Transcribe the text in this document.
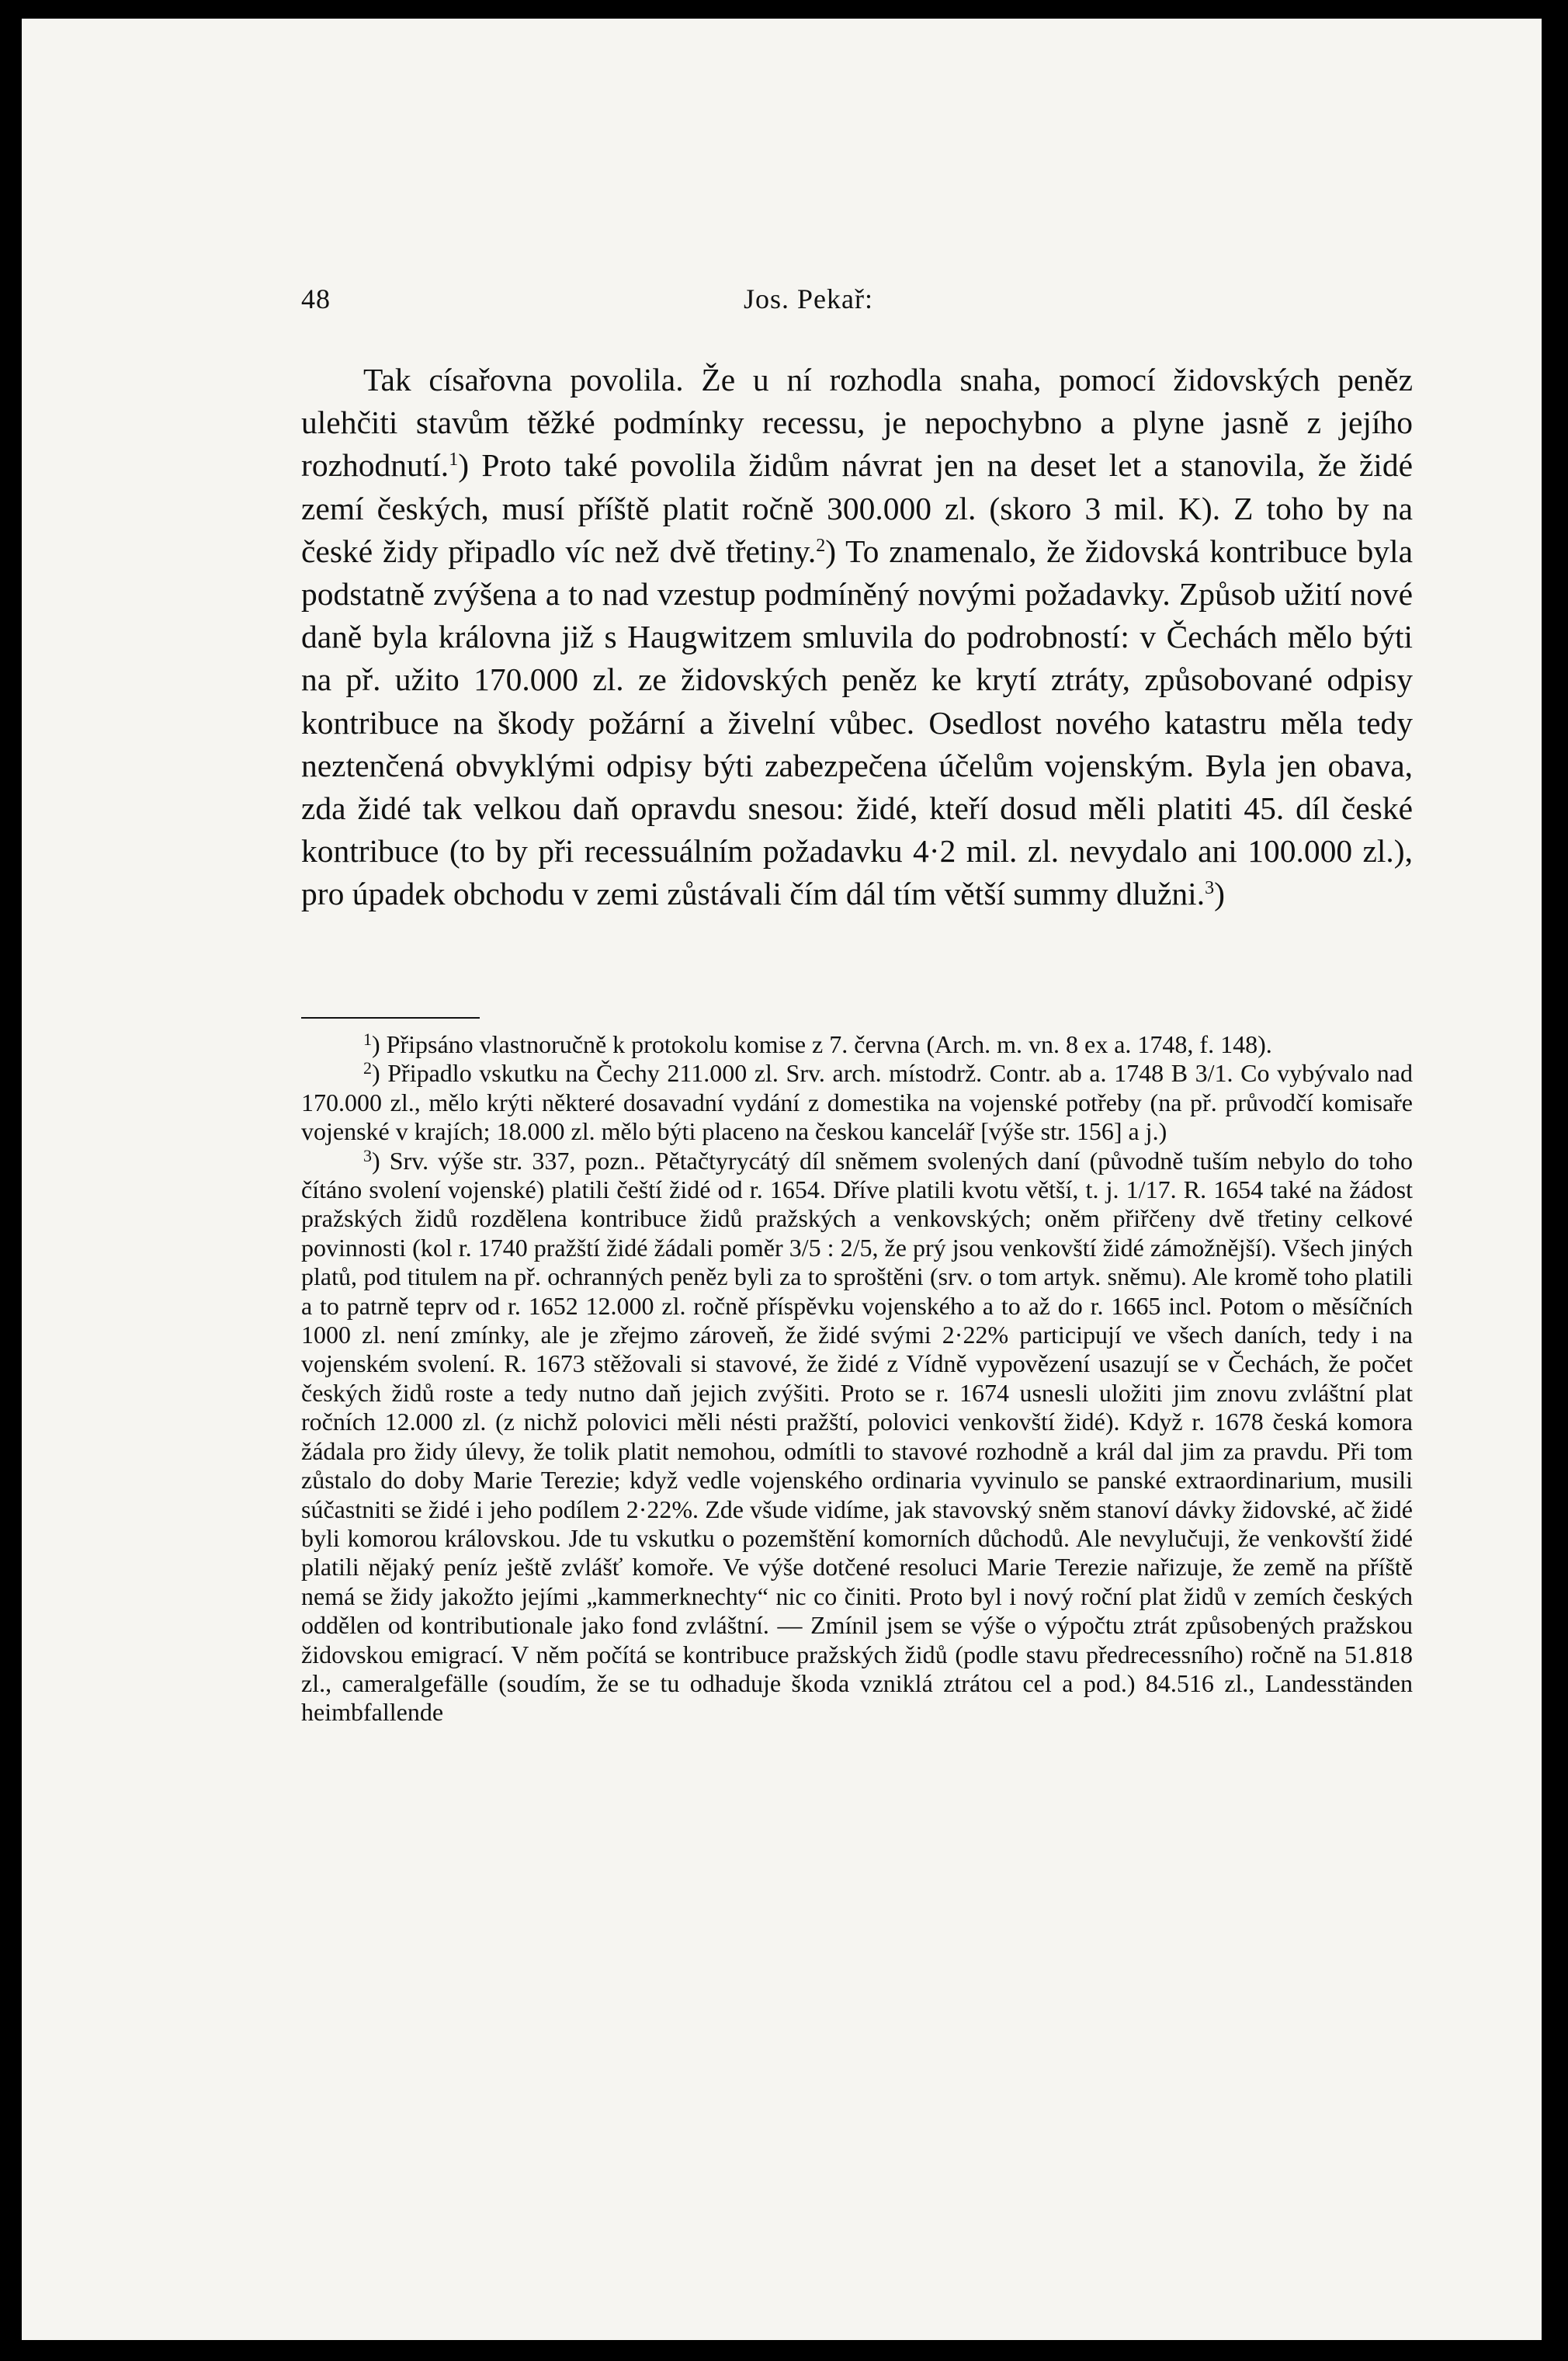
48	Jos. Pekař:

Tak císařovna povolila. Že u ní rozhodla snaha, pomocí židovských peněz ulehčiti stavům těžké podmínky recessu, je nepochybno a plyne jasně z jejího rozhodnutí.$^1$) Proto také povolila židům návrat jen na deset let a stanovila, že židé zemí českých, musí příště platit ročně 300.000 zl. (skoro 3 mil. K). Z toho by na české židy připadlo víc než dvě třetiny.$^2$) To znamenalo, že židovská kontribuce byla podstatně zvýšena a to nad vzestup podmíněný novými požadavky. Způsob užití nové daně byla královna již s Haugwitzem smluvila do podrobností: v Čechách mělo býti na př. užito 170.000 zl. ze židovských peněz ke krytí ztráty, způsobované odpisy kontribuce na škody požární a živelní vůbec. Osedlost nového katastru měla tedy neztenčená obvyklými odpisy býti zabezpečena účelům vojenským. Byla jen obava, zda židé tak velkou daň opravdu snesou: židé, kteří dosud měli platiti 45. díl české kontribuce (to by při recessuálním požadavku 4·2 mil. zl. nevydalo ani 100.000 zl.), pro úpadek obchodu v zemi zůstávali čím dál tím větší summy dlužni.$^3$)

$^1$) Připsáno vlastnoručně k protokolu komise z 7. června (Arch. m. vn. 8 ex a. 1748, f. 148).

$^2$) Připadlo vskutku na Čechy 211.000 zl. Srv. arch. místodrž. Contr. ab a. 1748 B 3/1. Co vybývalo nad 170.000 zl., mělo krýti některé dosavadní vydání z domestika na vojenské potřeby (na př. průvodčí komisaře vojenské v krajích; 18.000 zl. mělo býti placeno na českou kancelář [výše str. 156] a j.)

$^3$) Srv. výše str. 337, pozn.. Pětačtyrycátý díl sněmem svolených daní (původně tuším nebylo do toho čítáno svolení vojenské) platili čeští židé od r. 1654. Dříve platili kvotu větší, t. j. 1/17. R. 1654 také na žádost pražských židů rozdělena kontribuce židů pražských a venkovských; oněm přiřčeny dvě třetiny celkové povinnosti (kol r. 1740 pražští židé žádali poměr 3/5 : 2/5, že prý jsou venkovští židé zámožnější). Všech jiných platů, pod titulem na př. ochranných peněz byli za to sproštěni (srv. o tom artyk. sněmu). Ale kromě toho platili a to patrně teprv od r. 1652 12.000 zl. ročně příspěvku vojenského a to až do r. 1665 incl. Potom o měsíčních 1000 zl. není zmínky, ale je zřejmo zároveň, že židé svými 2·22% participují ve všech daních, tedy i na vojenském svolení. R. 1673 stěžovali si stavové, že židé z Vídně vypovězení usazují se v Čechách, že počet českých židů roste a tedy nutno daň jejich zvýšiti. Proto se r. 1674 usnesli uložiti jim znovu zvláštní plat ročních 12.000 zl. (z nichž polovici měli nésti pražští, polovici venkovští židé). Když r. 1678 česká komora žádala pro židy úlevy, že tolik platit nemohou, odmítli to stavové rozhodně a král dal jim za pravdu. Při tom zůstalo do doby Marie Terezie; když vedle vojenského ordinaria vyvinulo se panské extraordinarium, musili súčastniti se židé i jeho podílem 2·22%. Zde všude vidíme, jak stavovský sněm stanoví dávky židovské, ač židé byli komorou královskou. Jde tu vskutku o pozemštění komorních důchodů. Ale nevylučuji, že venkovští židé platili nějaký peníz ještě zvlášť komoře. Ve výše dotčené resoluci Marie Terezie nařizuje, že země na příště nemá se židy jakožto jejími „kammerknechty“ nic co činiti. Proto byl i nový roční plat židů v zemích českých oddělen od kontributionale jako fond zvláštní. — Zmínil jsem se výše o výpočtu ztrát způsobených pražskou židovskou emigrací. V něm počítá se kontribuce pražských židů (podle stavu předrecessního) ročně na 51.818 zl., cameralgefälle (soudím, že se tu odhaduje škoda vzniklá ztrátou cel a pod.) 84.516 zl., Landesständen heimbfallende
